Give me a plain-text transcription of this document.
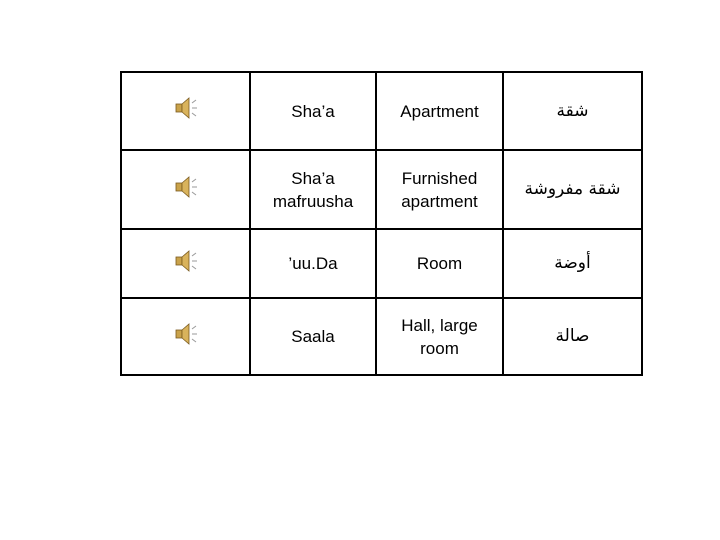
	Sha’a	Apartment	شقة
	Sha’a mafruusha	Furnished apartment	شقة مفروشة
	’uu.Da	Room	أوضة
	Saala	Hall, large room	صالة
